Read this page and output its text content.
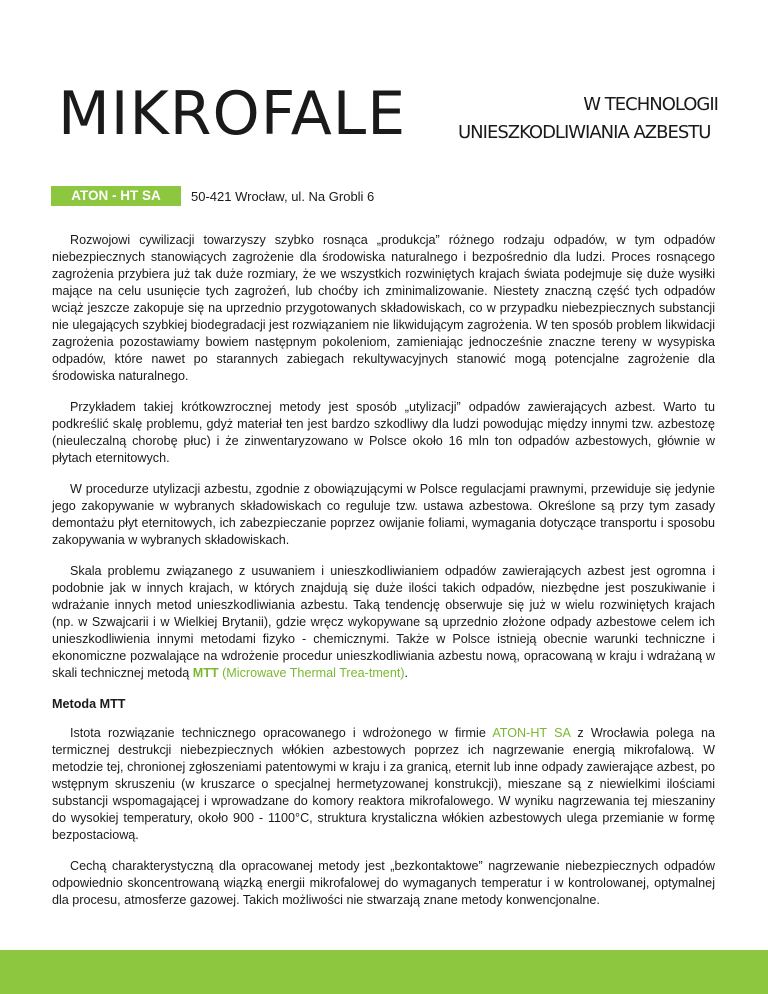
MIKROFALE	W TECHNOLOGII
UNIESZKODLIWIANIA AZBESTU
ATON - HT SA	50-421 Wrocław, ul. Na Grobli 6

Rozwojowi cywilizacji towarzyszy szybko rosnąca „produkcja” różnego rodzaju odpadów, w tym odpadów niebezpiecznych stanowiących zagrożenie dla środowiska naturalnego i bezpośrednio dla ludzi. Proces rosnącego zagrożenia przybiera już tak duże rozmiary, że we wszystkich rozwiniętych krajach świata podejmuje się duże wysiłki mające na celu usunięcie tych zagrożeń, lub choćby ich zminimalizowanie. Niestety znaczną część tych odpadów wciąż jeszcze zakopuje się na uprzednio przygotowanych składowiskach, co w przypadku niebezpiecznych substancji nie ulegających szybkiej biodegradacji jest rozwiązaniem nie likwidującym zagrożenia. W ten sposób problem likwidacji zagrożenia pozostawiamy bowiem następnym pokoleniom, zamieniając jednocześnie znaczne tereny w wysypiska odpadów, które nawet po starannych zabiegach rekultywacyjnych stanowić mogą potencjalne zagrożenie dla środowiska naturalnego.

Przykładem takiej krótkowzrocznej metody jest sposób „utylizacji” odpadów zawierających azbest. Warto tu podkreślić skalę problemu, gdyż materiał ten jest bardzo szkodliwy dla ludzi powodując między innymi tzw. azbestozę (nieuleczalną chorobę płuc) i że zinwentaryzowano w Polsce około 16 mln ton odpadów azbestowych, głównie w płytach eternitowych.

W procedurze utylizacji azbestu, zgodnie z obowiązującymi w Polsce regulacjami prawnymi, przewiduje się jedynie jego zakopywanie w wybranych składowiskach co reguluje tzw. ustawa azbestowa. Określone są przy tym zasady demontażu płyt eternitowych, ich zabezpieczanie poprzez owijanie foliami, wymagania dotyczące transportu i sposobu zakopywania w wybranych składowiskach.

Skala problemu związanego z usuwaniem i unieszkodliwianiem odpadów zawierających azbest jest ogromna i podobnie jak w innych krajach, w których znajdują się duże ilości takich odpadów, niezbędne jest poszukiwanie i wdrażanie innych metod unieszkodliwiania azbestu. Taką tendencję obserwuje się już w wielu rozwiniętych krajach (np. w Szwajcarii i w Wielkiej Brytanii), gdzie wręcz wykopywane są uprzednio złożone odpady azbestowe celem ich unieszkodliwienia innymi metodami fizyko - chemicznymi. Także w Polsce istnieją obecnie warunki techniczne i ekonomiczne pozwalające na wdrożenie procedur unieszkodliwiania azbestu nową, opracowaną w kraju i wdrażaną w skali technicznej metodą MTT (Microwave Thermal Trea-tment).

Metoda MTT

Istota rozwiązanie technicznego opracowanego i wdrożonego w firmie ATON-HT SA z Wrocławia polega na termicznej destrukcji niebezpiecznych włókien azbestowych poprzez ich nagrzewanie energią mikrofalową. W metodzie tej, chronionej zgłoszeniami patentowymi w kraju i za granicą, eternit lub inne odpady zawierające azbest, po wstępnym skruszeniu (w kruszarce o specjalnej hermetyzowanej konstrukcji), mieszane są z niewielkimi ilościami substancji wspomagającej i wprowadzane do komory reaktora mikrofalowego. W wyniku nagrzewania tej mieszaniny do wysokiej temperatury, około 900 - 1100°C, struktura krystaliczna włókien azbestowych ulega przemianie w formę bezpostaciową.

Cechą charakterystyczną dla opracowanej metody jest „bezkontaktowe” nagrzewanie niebezpiecznych odpadów odpowiednio skoncentrowaną wiązką energii mikrofalowej do wymaganych temperatur i w kontrolowanej, optymalnej dla procesu, atmosferze gazowej. Takich możliwości nie stwarzają znane metody konwencjonalne.
